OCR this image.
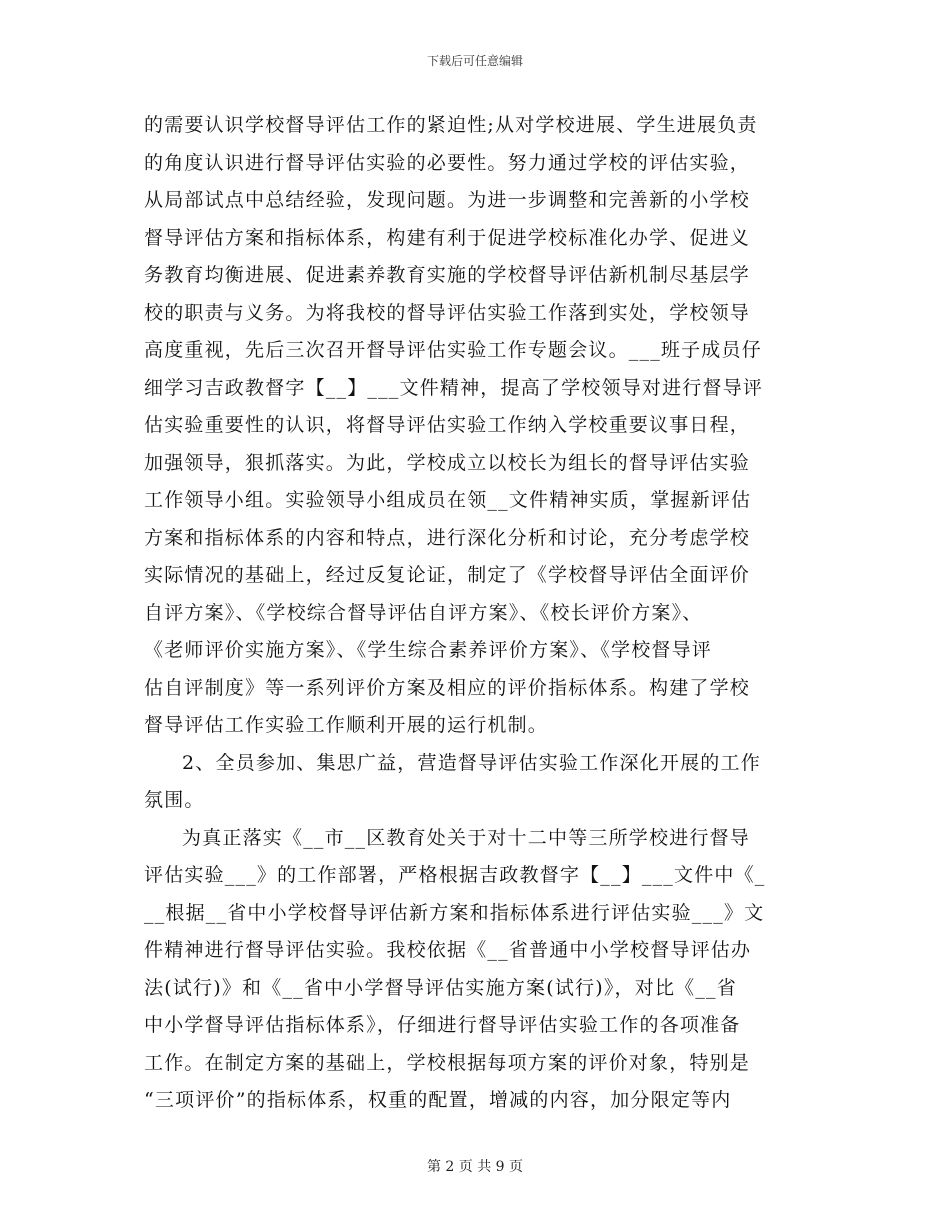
下载后可任意编辑
的需要认识学校督导评估工作的紧迫性;从对学校进展、学生进展负责
的角度认识进行督导评估实验的必要性。努力通过学校的评估实验，
从局部试点中总结经验，发现问题。为进一步调整和完善新的小学校
督导评估方案和指标体系，构建有利于促进学校标准化办学、促进义
务教育均衡进展、促进素养教育实施的学校督导评估新机制尽基层学
校的职责与义务。为将我校的督导评估实验工作落到实处，学校领导
高度重视，先后三次召开督导评估实验工作专题会议。___班子成员仔
细学习吉政教督字【__】___文件精神，提高了学校领导对进行督导评
估实验重要性的认识，将督导评估实验工作纳入学校重要议事日程，
加强领导，狠抓落实。为此，学校成立以校长为组长的督导评估实验
工作领导小组。实验领导小组成员在领__文件精神实质，掌握新评估
方案和指标体系的内容和特点，进行深化分析和讨论，充分考虑学校
实际情况的基础上，经过反复论证，制定了《学校督导评估全面评价
自评方案》、《学校综合督导评估自评方案》、《校长评价方案》、
《老师评价实施方案》、《学生综合素养评价方案》、《学校督导评
估自评制度》等一系列评价方案及相应的评价指标体系。构建了学校
督导评估工作实验工作顺利开展的运行机制。
2、全员参加、集思广益，营造督导评估实验工作深化开展的工作
氛围。
为真正落实《__市__区教育处关于对十二中等三所学校进行督导
评估实验___》的工作部署，严格根据吉政教督字【__】___文件中《_
__根据__省中小学校督导评估新方案和指标体系进行评估实验___》文
件精神进行督导评估实验。我校依据《__省普通中小学校督导评估办
法(试行)》和《__省中小学督导评估实施方案(试行)》，对比《__省
中小学督导评估指标体系》，仔细进行督导评估实验工作的各项准备
工作。在制定方案的基础上，学校根据每项方案的评价对象，特别是
“三项评价”的指标体系，权重的配置，增减的内容，加分限定等内
第 2 页 共 9 页
